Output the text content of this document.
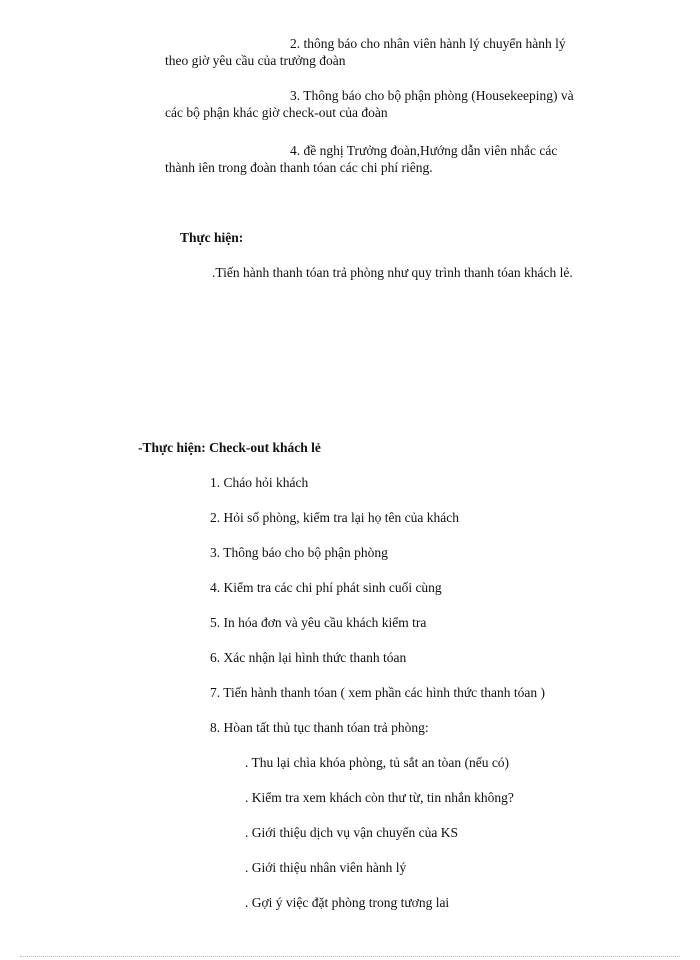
2. thông báo cho nhân viên hành lý chuyển hành lý
theo giờ yêu cầu của trưởng đoàn
3. Thông báo cho bộ phận phòng (Housekeeping) và
các bộ phận khác giờ check-out của đoàn
4. đề nghị Trưởng đoàn,Hướng dẫn viên nhắc các
thành iên trong đoàn thanh tóan các chi phí riêng.
Thực hiện:
.Tiến hành thanh tóan trả phòng như quy trình thanh tóan khách lẻ.
-Thực hiện: Check-out khách lẻ
1. Cháo hỏi khách
2. Hỏi số phòng, kiểm tra lại họ tên của khách
3. Thông báo cho bộ phận phòng
4. Kiểm tra các chi phí phát sinh cuối cùng
5. In hóa đơn và yêu cầu khách kiểm tra
6. Xác nhận lại hình thức thanh tóan
7. Tiến hành thanh tóan ( xem phần các hình thức thanh tóan )
8. Hòan tất thủ tục thanh tóan trả phòng:
. Thu lại chìa khóa phòng, tủ sắt an tòan (nếu có)
. Kiểm tra xem khách còn thư từ, tin nhắn không?
. Giới thiệu dịch vụ vận chuyển của KS
. Giới thiệu nhân viên hành lý
. Gợi ý việc đặt phòng trong tương lai
